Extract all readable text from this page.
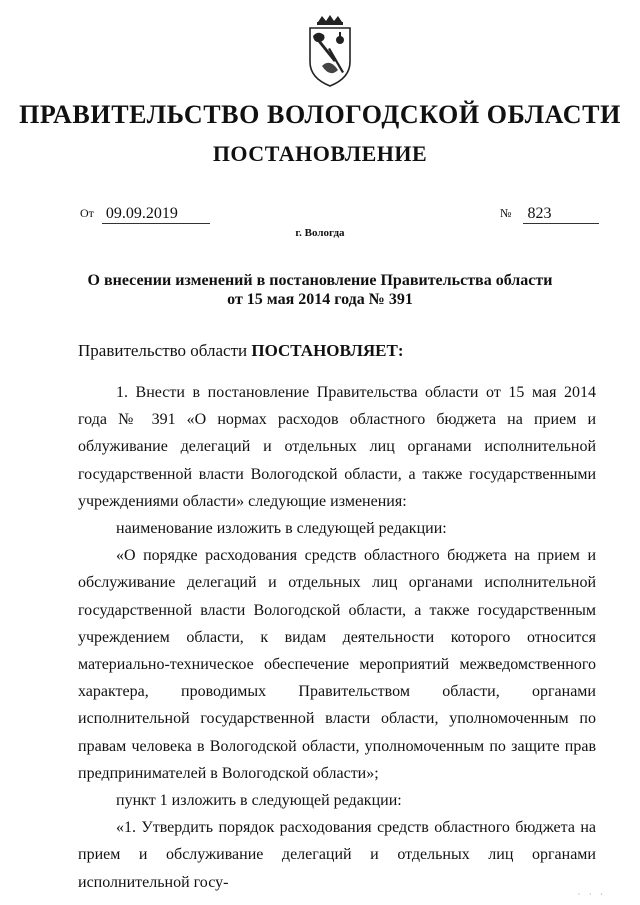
ПРАВИТЕЛЬСТВО ВОЛОГОДСКОЙ ОБЛАСТИ
ПОСТАНОВЛЕНИЕ
От 09.09.2019	№ 823
г. Вологда
О внесении изменений в постановление Правительства области
от 15 мая 2014 года № 391
Правительство области ПОСТАНОВЛЯЕТ:

1. Внести в постановление Правительства области от 15 мая 2014 года № 391 «О нормах расходов областного бюджета на прием и облуживание делегаций и отдельных лиц органами исполнительной государственной власти Вологодской области, а также государственными учреждениями области» следующие изменения:

наименование изложить в следующей редакции:

«О порядке расходования средств областного бюджета на прием и обслуживание делегаций и отдельных лиц органами исполнительной государственной власти Вологодской области, а также государственным учреждением области, к видам деятельности которого относится материально-техническое обеспечение мероприятий межведомственного характера, проводимых Правительством области, органами исполнительной государственной власти области, уполномоченным по правам человека в Вологодской области, уполномоченным по защите прав предпринимателей в Вологодской области»;

пункт 1 изложить в следующей редакции:

«1. Утвердить порядок расходования средств областного бюджета на прием и обслуживание делегаций и отдельных лиц органами исполнительной госу-

· · ·
